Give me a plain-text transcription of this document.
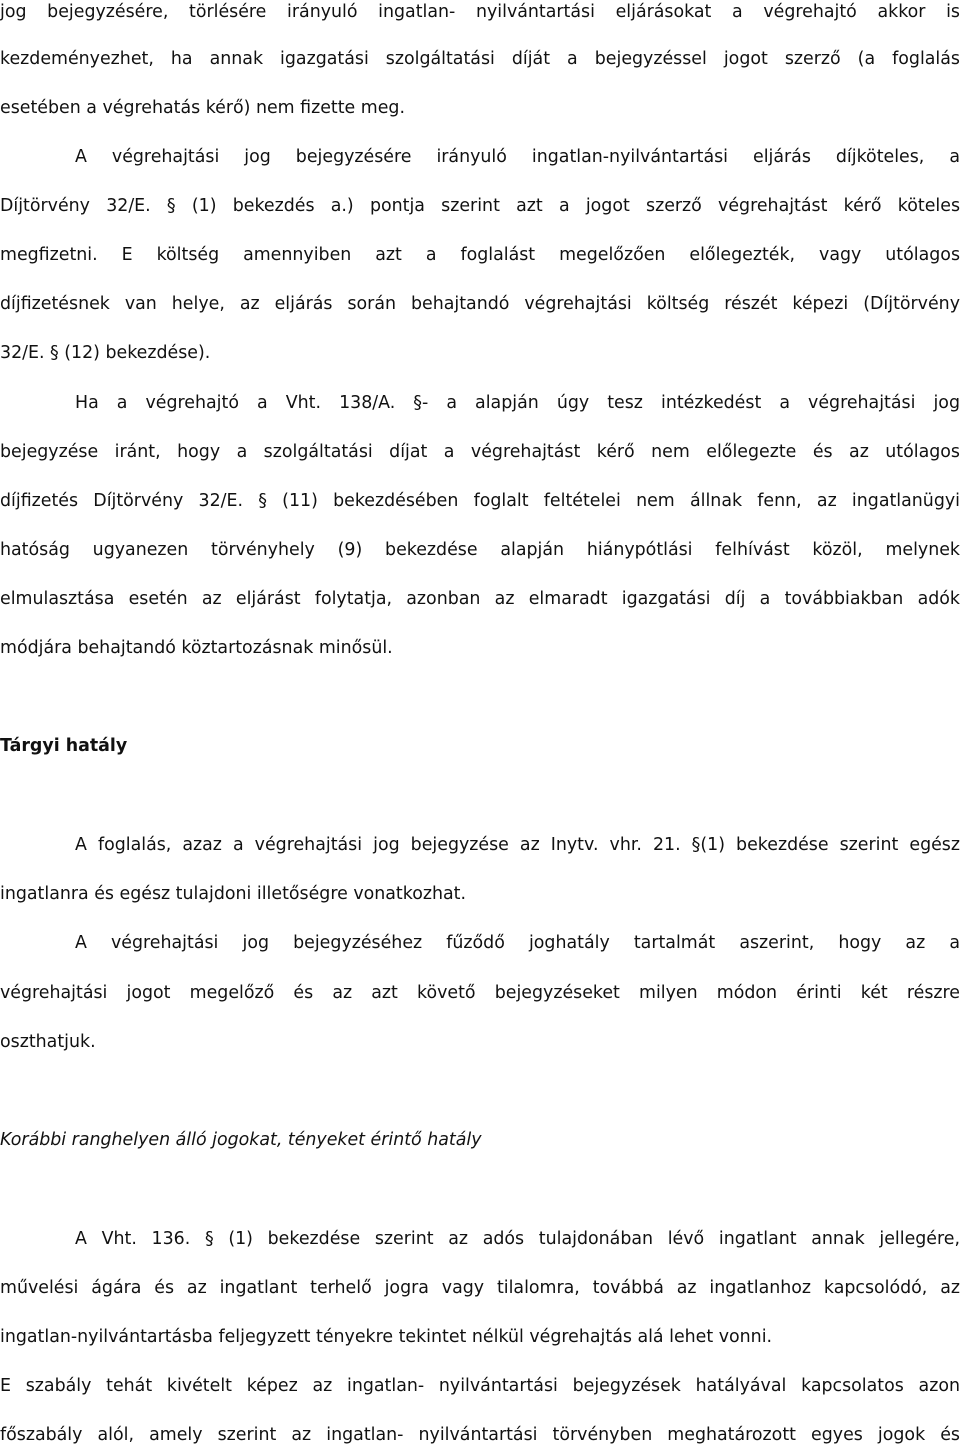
jog bejegyzésére, törlésére irányuló ingatlan- nyilvántartási eljárásokat a végrehajtó akkor is
kezdeményezhet, ha annak igazgatási szolgáltatási díját a bejegyzéssel jogot szerző (a foglalás
esetében a végrehatás kérő) nem fizette meg.
A végrehajtási jog bejegyzésére irányuló ingatlan-nyilvántartási eljárás díjköteles, a
Díjtörvény 32/E. § (1) bekezdés a.) pontja szerint azt a jogot szerző végrehajtást kérő köteles
megfizetni. E költség amennyiben azt a foglalást megelőzően előlegezték, vagy utólagos
díjfizetésnek van helye, az eljárás során behajtandó végrehajtási költség részét képezi (Díjtörvény
32/E. § (12) bekezdése).
Ha a végrehajtó a Vht. 138/A. §- a alapján úgy tesz intézkedést a végrehajtási jog
bejegyzése iránt, hogy a szolgáltatási díjat a végrehajtást kérő nem előlegezte és az utólagos
díjfizetés Díjtörvény 32/E. § (11) bekezdésében foglalt feltételei nem állnak fenn, az ingatlanügyi
hatóság ugyanezen törvényhely (9) bekezdése alapján hiánypótlási felhívást közöl, melynek
elmulasztása esetén az eljárást folytatja, azonban az elmaradt igazgatási díj a továbbiakban adók
módjára behajtandó köztartozásnak minősül.
Tárgyi hatály
A foglalás, azaz a végrehajtási jog bejegyzése az Inytv. vhr. 21. §(1) bekezdése szerint egész
ingatlanra és egész tulajdoni illetőségre vonatkozhat.
A végrehajtási jog bejegyzéséhez fűződő joghatály tartalmát aszerint, hogy az a
végrehajtási jogot megelőző és az azt követő bejegyzéseket milyen módon érinti két részre
oszthatjuk.
Korábbi ranghelyen álló jogokat, tényeket érintő hatály
A Vht. 136. § (1) bekezdése szerint az adós tulajdonában lévő ingatlant annak jellegére,
művelési ágára és az ingatlant terhelő jogra vagy tilalomra, továbbá az ingatlanhoz kapcsolódó, az
ingatlan-nyilvántartásba feljegyzett tényekre tekintet nélkül végrehajtás alá lehet vonni.
E szabály tehát kivételt képez az ingatlan- nyilvántartási bejegyzések hatályával kapcsolatos azon
főszabály alól, amely szerint az ingatlan- nyilvántartási törvényben meghatározott egyes jogok és
